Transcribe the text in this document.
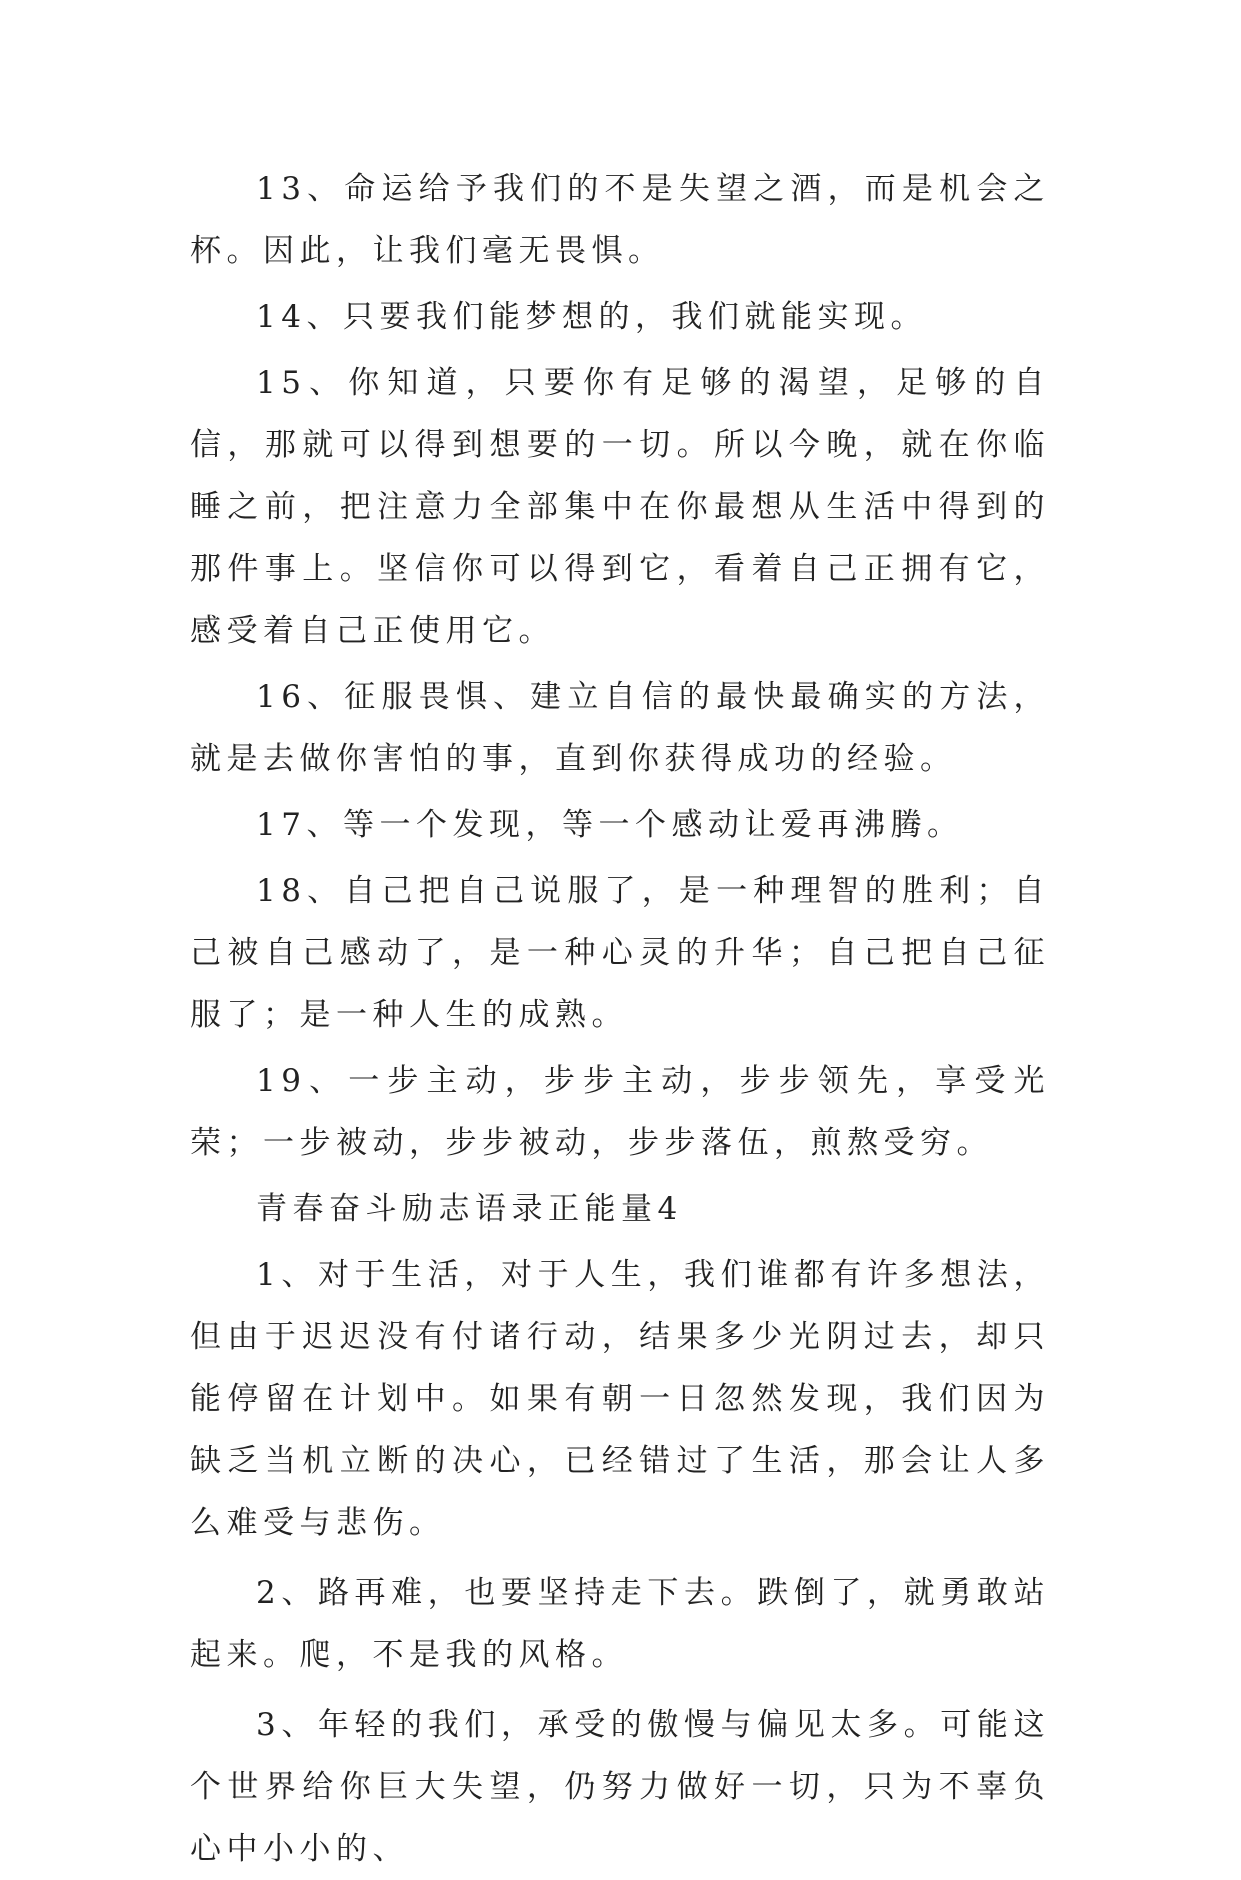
13、命运给予我们的不是失望之酒，而是机会之杯。因此，让我们毫无畏惧。

14、只要我们能梦想的，我们就能实现。

15、你知道，只要你有足够的渴望，足够的自信，那就可以得到想要的一切。所以今晚，就在你临睡之前，把注意力全部集中在你最想从生活中得到的那件事上。坚信你可以得到它，看着自己正拥有它，感受着自己正使用它。

16、征服畏惧、建立自信的最快最确实的方法，就是去做你害怕的事，直到你获得成功的经验。

17、等一个发现，等一个感动让爱再沸腾。

18、自己把自己说服了，是一种理智的胜利；自己被自己感动了，是一种心灵的升华；自己把自己征服了；是一种人生的成熟。

19、一步主动，步步主动，步步领先，享受光荣；一步被动，步步被动，步步落伍，煎熬受穷。

青春奋斗励志语录正能量4

1、对于生活，对于人生，我们谁都有许多想法，但由于迟迟没有付诸行动，结果多少光阴过去，却只能停留在计划中。如果有朝一日忽然发现，我们因为缺乏当机立断的决心，已经错过了生活，那会让人多么难受与悲伤。

2、路再难，也要坚持走下去。跌倒了，就勇敢站起来。爬，不是我的风格。

3、年轻的我们，承受的傲慢与偏见太多。可能这个世界给你巨大失望，仍努力做好一切，只为不辜负心中小小的、
